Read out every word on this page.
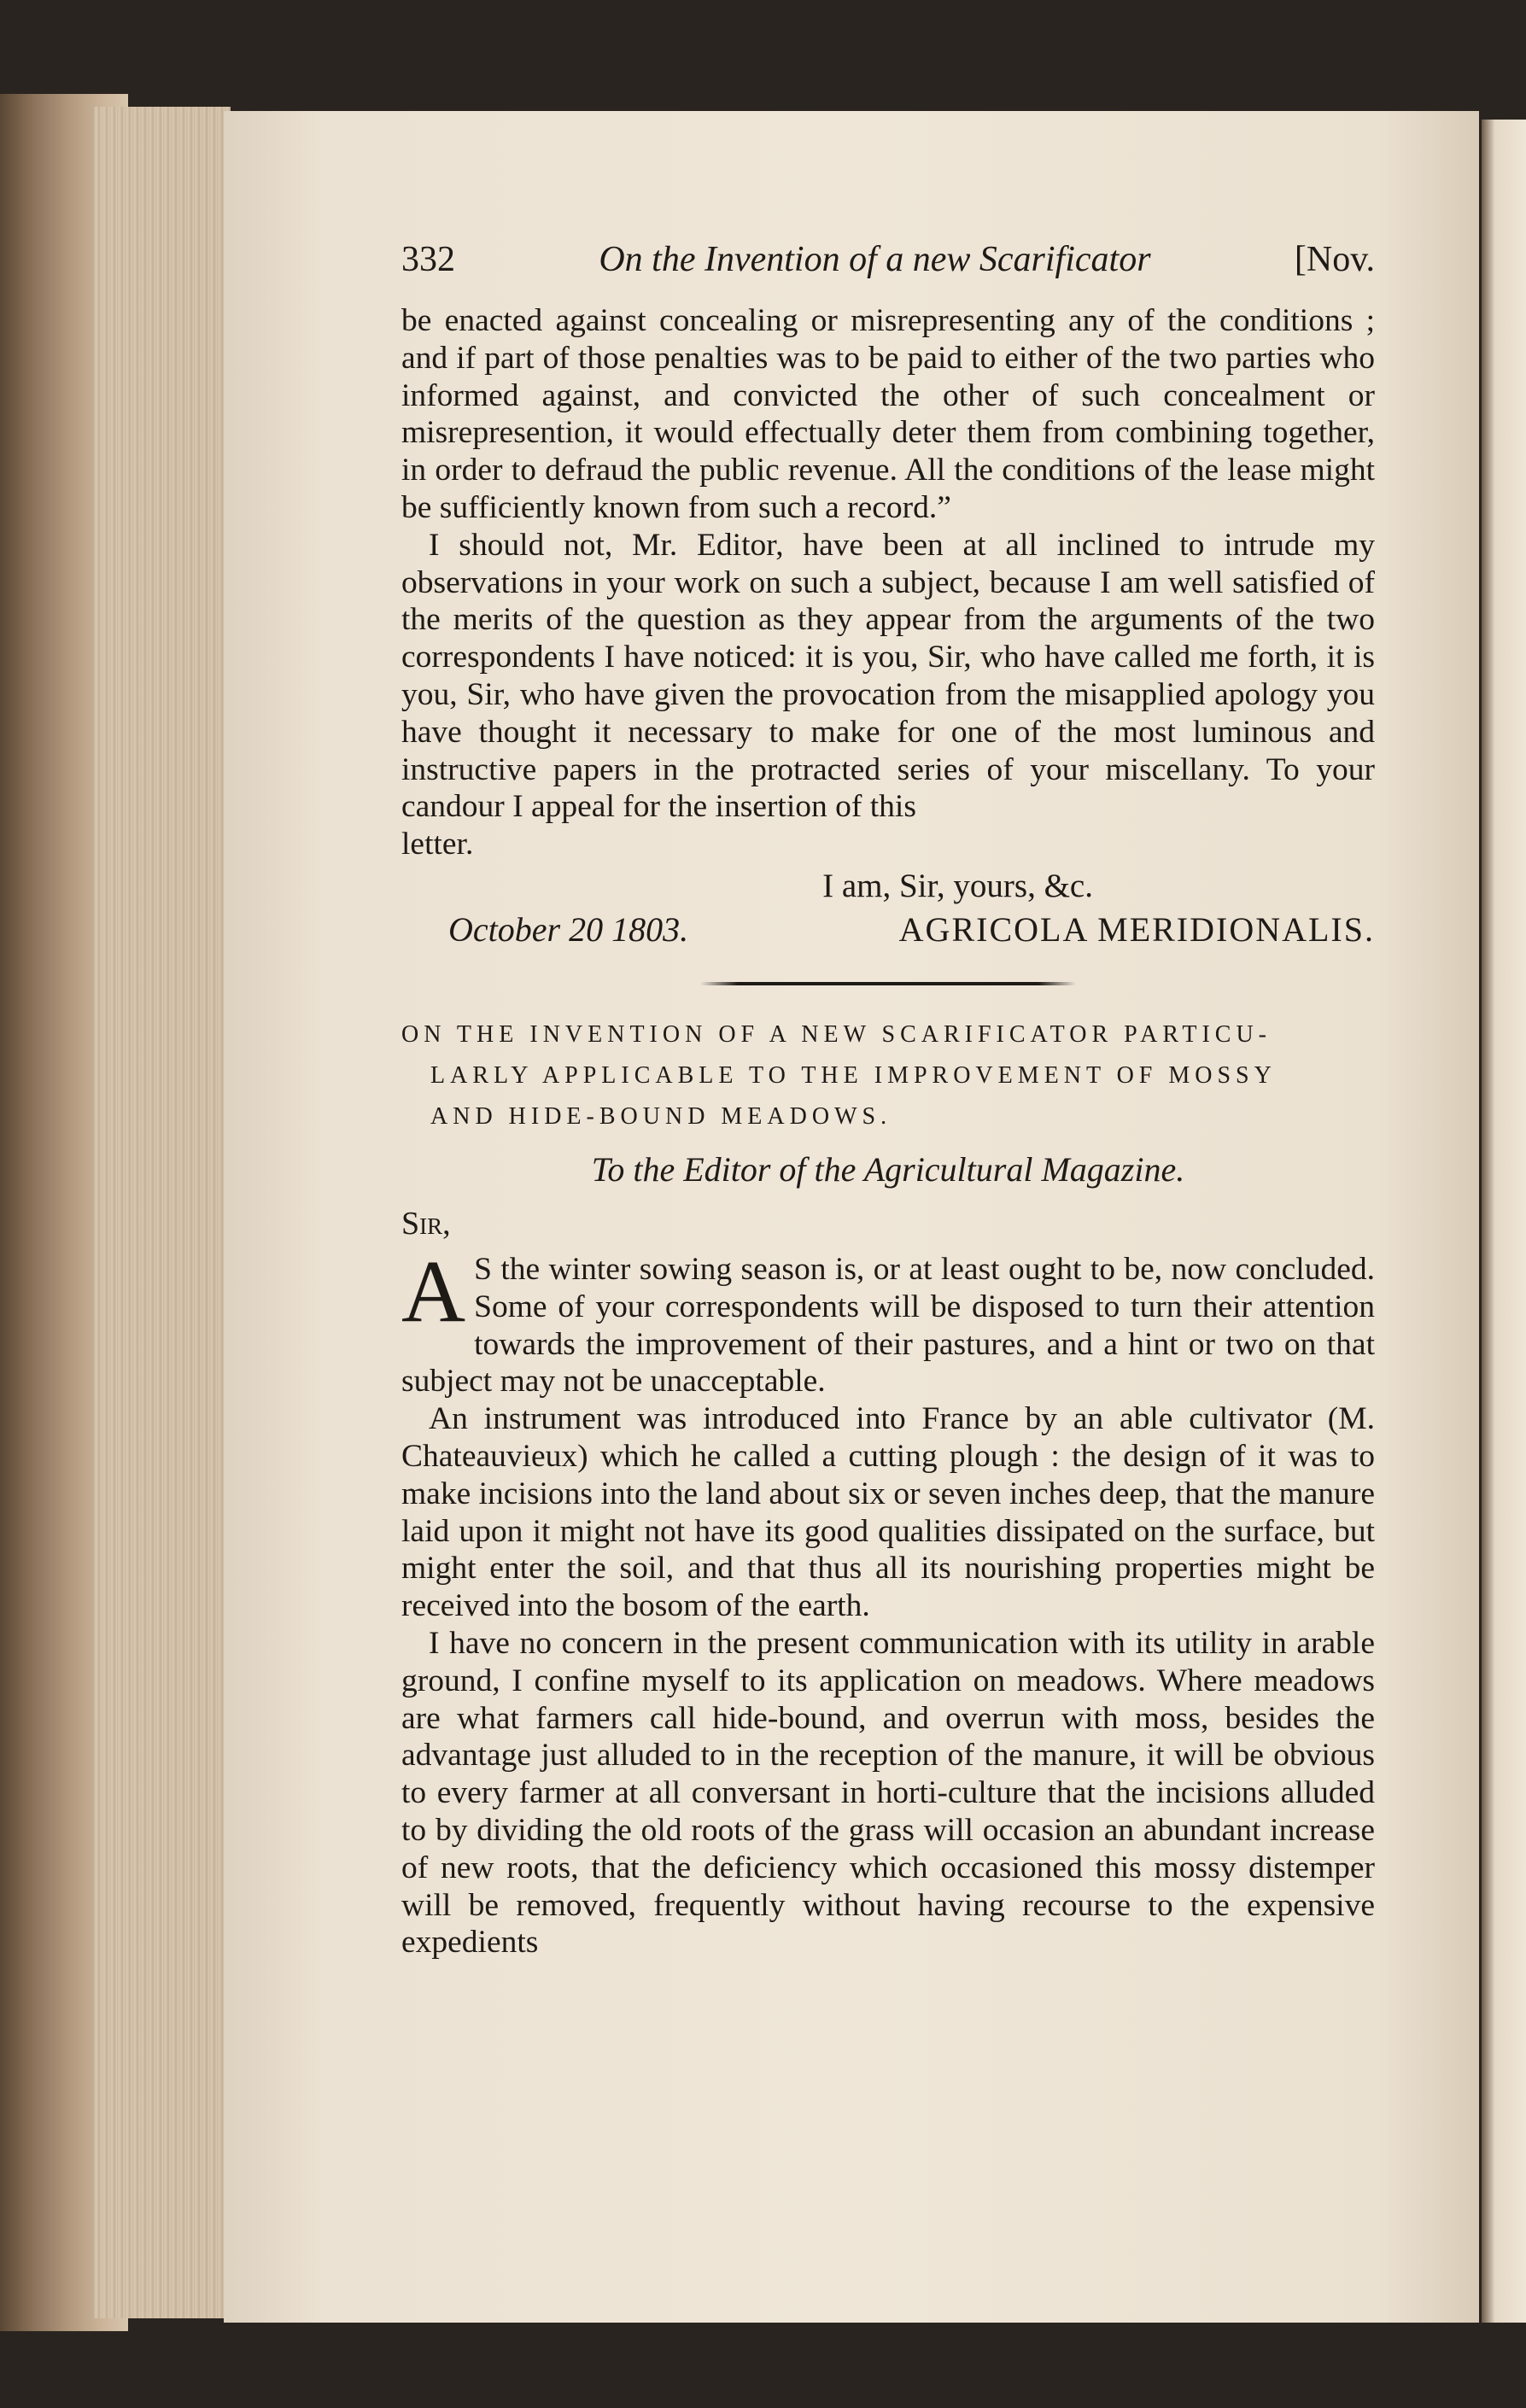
332	On the Invention of a new Scarificator	[Nov.

be enacted against concealing or misrepresenting any of the conditions ; and if part of those penalties was to be paid to either of the two parties who informed against, and convicted the other of such concealment or misrepresention, it would effectually deter them from combining together, in order to defraud the public revenue. All the conditions of the lease might be sufficiently known from such a record.”

I should not, Mr. Editor, have been at all inclined to intrude my observations in your work on such a subject, because I am well satisfied of the merits of the question as they appear from the arguments of the two correspondents I have noticed: it is you, Sir, who have called me forth, it is you, Sir, who have given the provocation from the misapplied apology you have thought it necessary to make for one of the most luminous and instructive papers in the protracted series of your miscellany. To your candour I appeal for the insertion of this

letter.

I am, Sir, yours, &c.

October 20 1803.	AGRICOLA MERIDIONALIS.

ON THE INVENTION OF A NEW SCARIFICATOR PARTICU-
LARLY APPLICABLE TO THE IMPROVEMENT OF MOSSY
AND HIDE-BOUND MEADOWS.

To the Editor of the Agricultural Magazine.

Sir,

A S the winter sowing season is, or at least ought to be, now concluded. Some of your correspondents will be disposed to turn their attention towards the improvement of their pastures, and a hint or two on that subject may not be unacceptable.

An instrument was introduced into France by an able cultivator (M. Chateauvieux) which he called a cutting plough : the design of it was to make incisions into the land about six or seven inches deep, that the manure laid upon it might not have its good qualities dissipated on the surface, but might enter the soil, and that thus all its nourishing properties might be received into the bosom of the earth.

I have no concern in the present communication with its utility in arable ground, I confine myself to its application on meadows. Where meadows are what farmers call hide-bound, and overrun with moss, besides the advantage just alluded to in the reception of the manure, it will be obvious to every farmer at all conversant in horti-culture that the incisions alluded to by dividing the old roots of the grass will occasion an abundant increase of new roots, that the deficiency which occasioned this mossy distemper will be removed, frequently without having recourse to the expensive expedients
